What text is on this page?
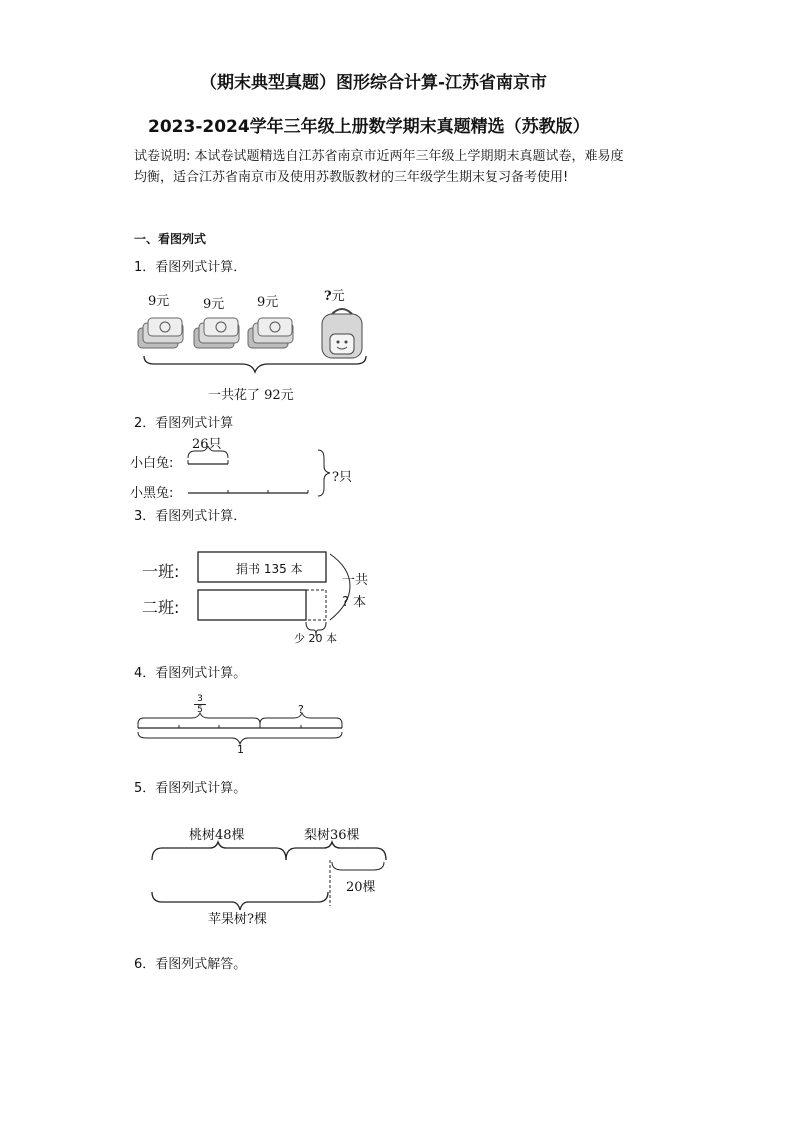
（期末典型真题）图形综合计算-江苏省南京市
2023-2024学年三年级上册数学期末真题精选（苏教版）
试卷说明: 本试卷试题精选自江苏省南京市近两年三年级上学期期末真题试卷，难易度
均衡，适合江苏省南京市及使用苏教版教材的三年级学生期末复习备考使用!
一、看图列式
1．看图列式计算．
9元	9元	9元	?元
一共花了 92元
2．看图列式计算
26只
小白兔:
小黑兔:
?只
3．看图列式计算．
一班:
二班:
捐书 135 本
少 20 本
一共
? 本
4．看图列式计算。
$\frac{3}{5}$	?
1
5．看图列式计算。
桃树48棵	梨树36棵
20棵
苹果树?棵
6．看图列式解答。
